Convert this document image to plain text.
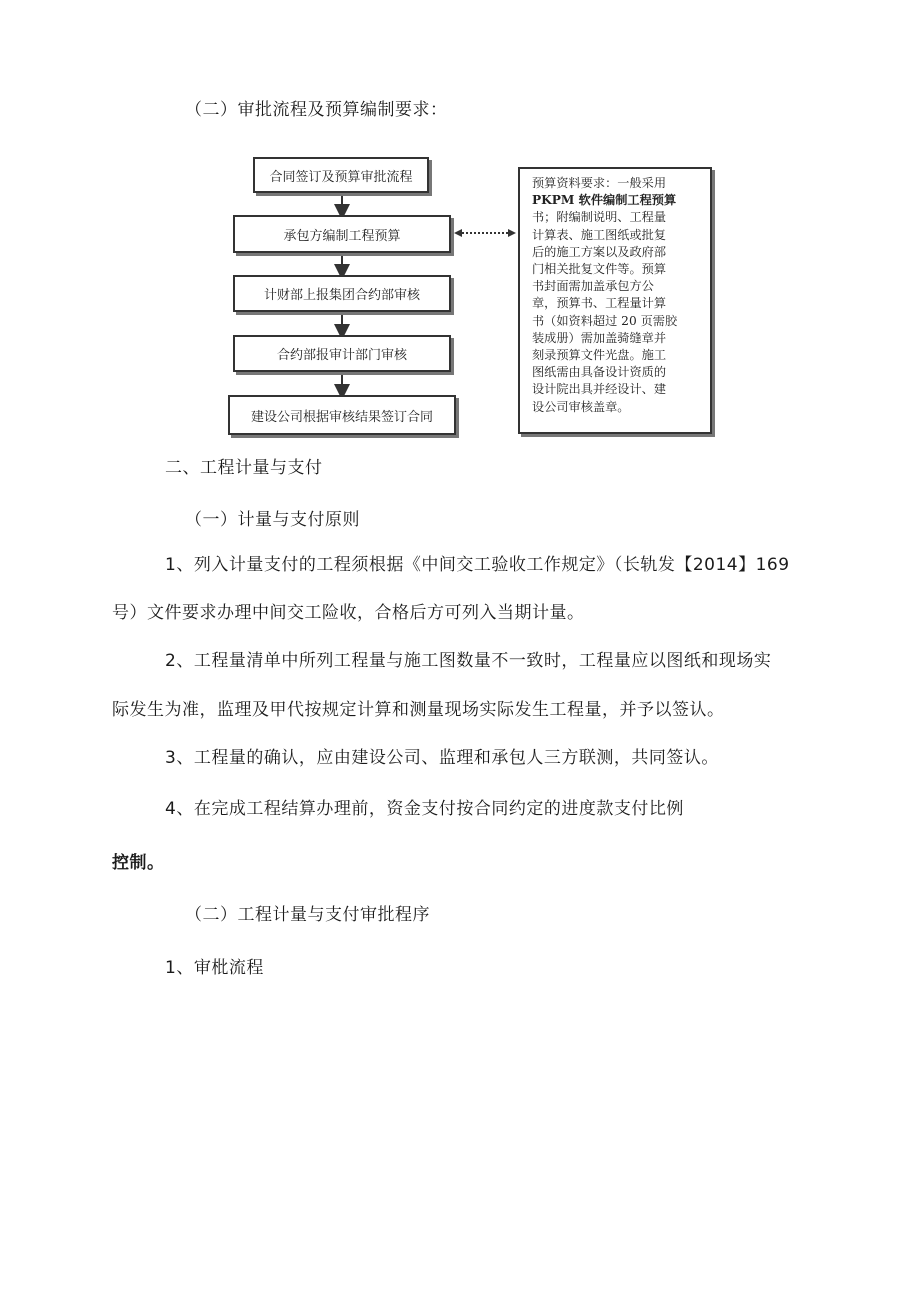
（二）审批流程及预算编制要求：
合同签订及预算审批流程
承包方编制工程预算
计财部上报集团合约部审核
合约部报审计部门审核
建设公司根据审核结果签订合同
预算资料要求：一般采用
PKPM 软件编制工程预算
书；附编制说明、工程量
计算表、施工图纸或批复
后的施工方案以及政府部
门相关批复文件等。预算
书封面需加盖承包方公
章，预算书、工程量计算
书（如资料超过 20 页需胶
装成册）需加盖骑缝章并
刻录预算文件光盘。施工
图纸需由具备设计资质的
设计院出具并经设计、建
设公司审核盖章。
二、工程计量与支付
（一）计量与支付原则
1、列入计量支付的工程须根据《中间交工验收工作规定》（长轨发【2014】169
号）文件要求办理中间交工险收，合格后方可列入当期计量。
2、工程量清单中所列工程量与施工图数量不一致时，工程量应以图纸和现场实
际发生为准，监理及甲代按规定计算和测量现场实际发生工程量，并予以签认。
3、工程量的确认，应由建设公司、监理和承包人三方联测，共同签认。
4、在完成工程结算办理前，资金支付按合同约定的进度款支付比例
控制。
（二）工程计量与支付审批程序
1、审枇流程
